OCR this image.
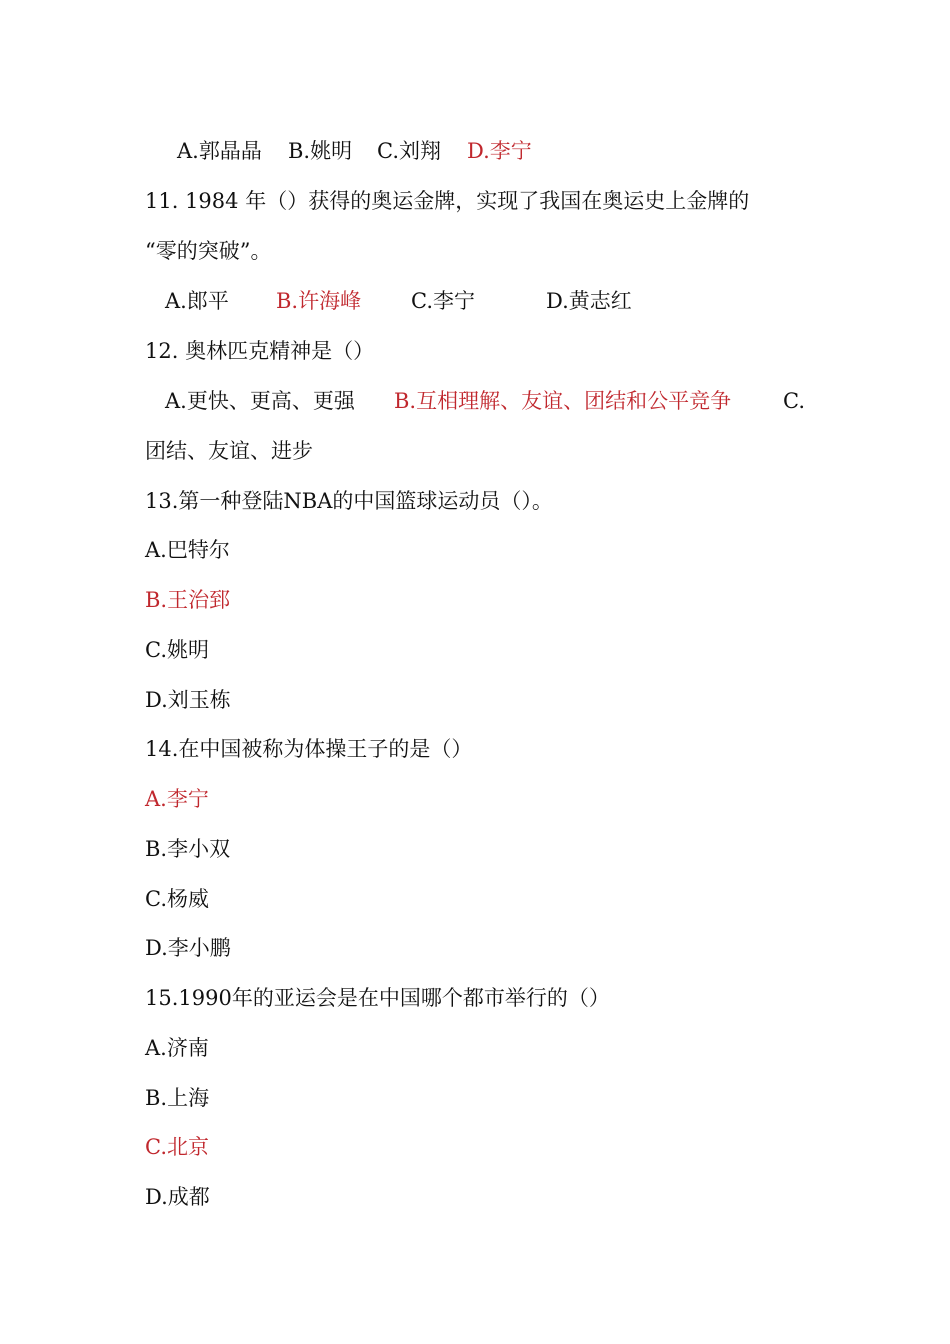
A.郭晶晶 B.姚明 C.刘翔 D.李宁
11. 1984 年（）获得的奥运金牌，实现了我国在奥运史上金牌的
“零的突破”。
A.郎平 B.许海峰 C.李宁	D.黄志红
12. 奥林匹克精神是（）
A.更快、更高、更强 B.互相理解、友谊、团结和公平竞争 C.
团结、友谊、进步
13.第一种登陆NBA的中国篮球运动员（）。
A.巴特尔
B.王治郅
C.姚明
D.刘玉栋
14.在中国被称为体操王子的是（）
A.李宁
B.李小双
C.杨威
D.李小鹏
15.1990年的亚运会是在中国哪个都市举行的（）
A.济南
B.上海
C.北京
D.成都
